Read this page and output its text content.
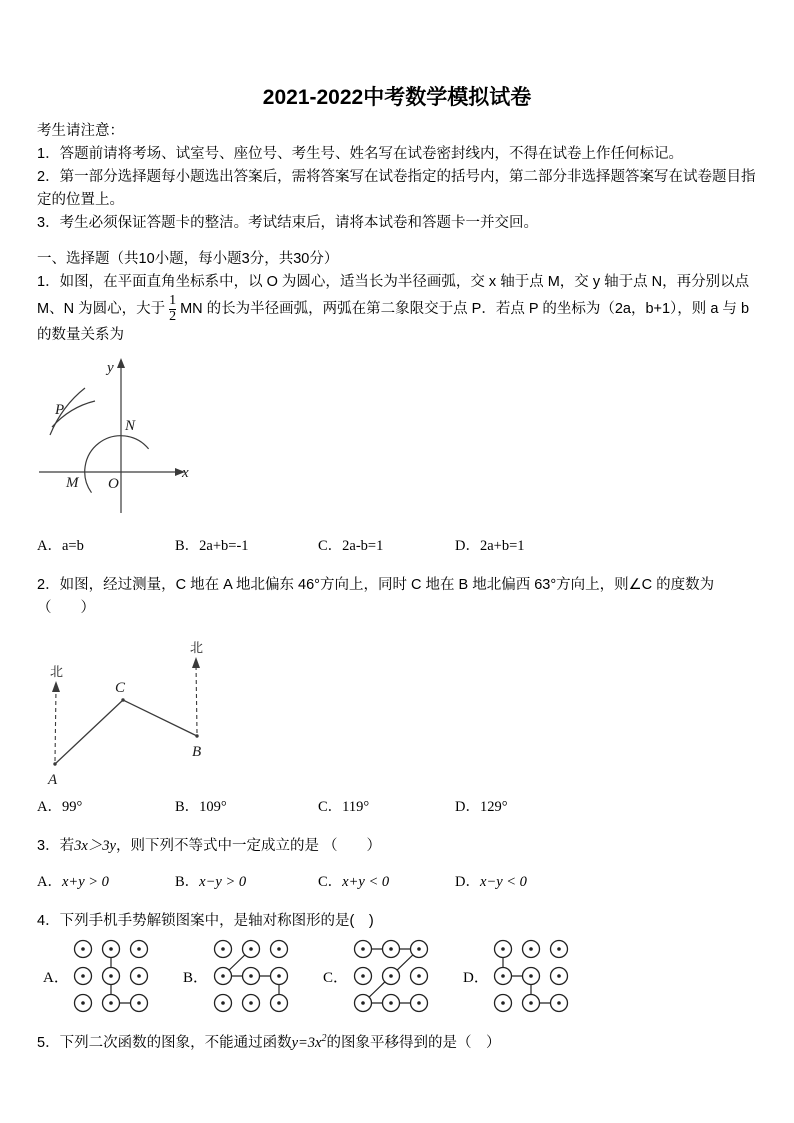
2021-2022中考数学模拟试卷
考生请注意：
1．答题前请将考场、试室号、座位号、考生号、姓名写在试卷密封线内，不得在试卷上作任何标记。
2．第一部分选择题每小题选出答案后，需将答案写在试卷指定的括号内，第二部分非选择题答案写在试卷题目指定的位置上。
3．考生必须保证答题卡的整洁。考试结束后，请将本试卷和答题卡一并交回。
一、选择题（共10小题，每小题3分，共30分）

1．如图，在平面直角坐标系中，以 O 为圆心，适当长为半径画弧，交 x 轴于点 M，交 y 轴于点 N，再分别以点 M、N 为圆心，大于 $\frac{1}{2}$ MN 的长为半径画弧，两弧在第二象限交于点 P．若点 P 的坐标为（2a，b+1），则 a 与 b 的数量关系为

y
x
O
M
N
P
A．a=b	B．2a+b=-1	C．2a-b=1	D．2a+b=1

2．如图，经过测量，C 地在 A 地北偏东 46°方向上，同时 C 地在 B 地北偏西 63°方向上，则∠C 的度数为（　　）

北
北
A
B
C
A．99°	B．109°	C．119°	D．129°

3．若3x＞3y，则下列不等式中一定成立的是 （　　）

A．x+y > 0	B．x−y > 0	C．x+y < 0	D．x−y < 0

4．下列手机手势解锁图案中，是轴对称图形的是(　)

A．	B．	C．	D．

5．下列二次函数的图象，不能通过函数$y=3x^2$的图象平移得到的是（　）
